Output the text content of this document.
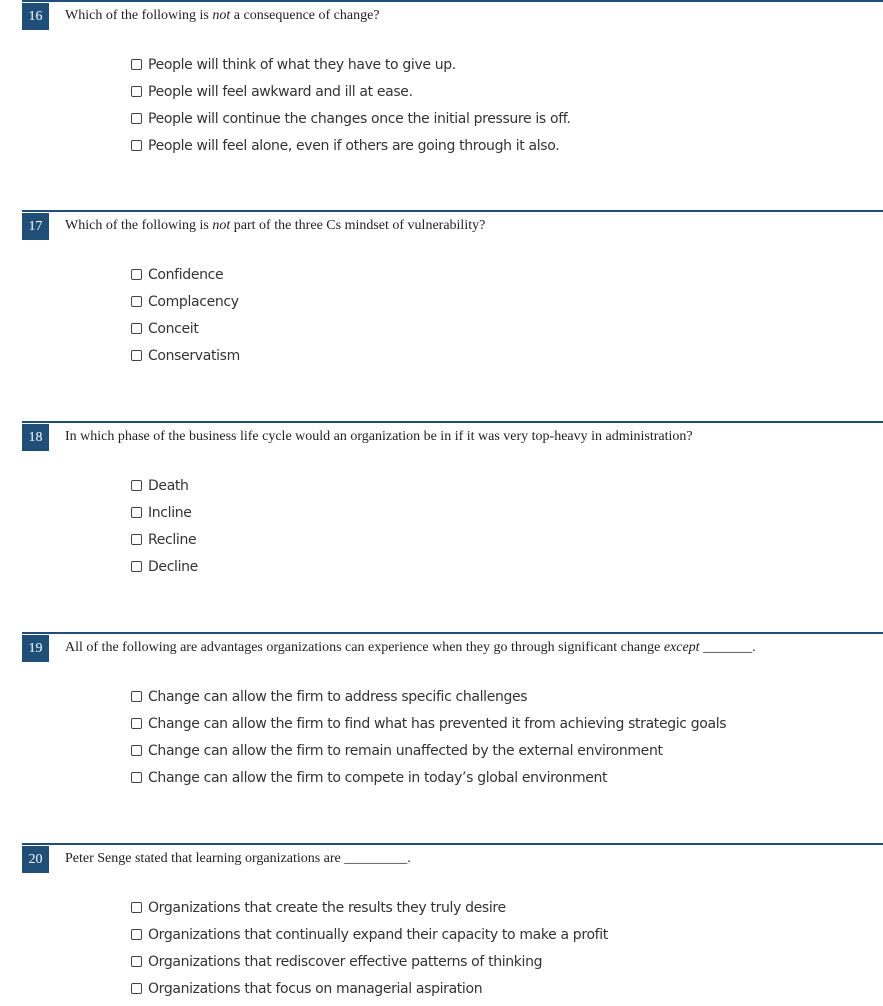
16	Which of the following is not a consequence of change?
People will think of what they have to give up.
People will feel awkward and ill at ease.
People will continue the changes once the initial pressure is off.
People will feel alone, even if others are going through it also.
17	Which of the following is not part of the three Cs mindset of vulnerability?
Confidence
Complacency
Conceit
Conservatism
18	In which phase of the business life cycle would an organization be in if it was very top-heavy in administration?
Death
Incline
Recline
Decline
19	All of the following are advantages organizations can experience when they go through significant change except _______.
Change can allow the firm to address specific challenges
Change can allow the firm to find what has prevented it from achieving strategic goals
Change can allow the firm to remain unaffected by the external environment
Change can allow the firm to compete in today’s global environment
20	Peter Senge stated that learning organizations are _________.
Organizations that create the results they truly desire
Organizations that continually expand their capacity to make a profit
Organizations that rediscover effective patterns of thinking
Organizations that focus on managerial aspiration
